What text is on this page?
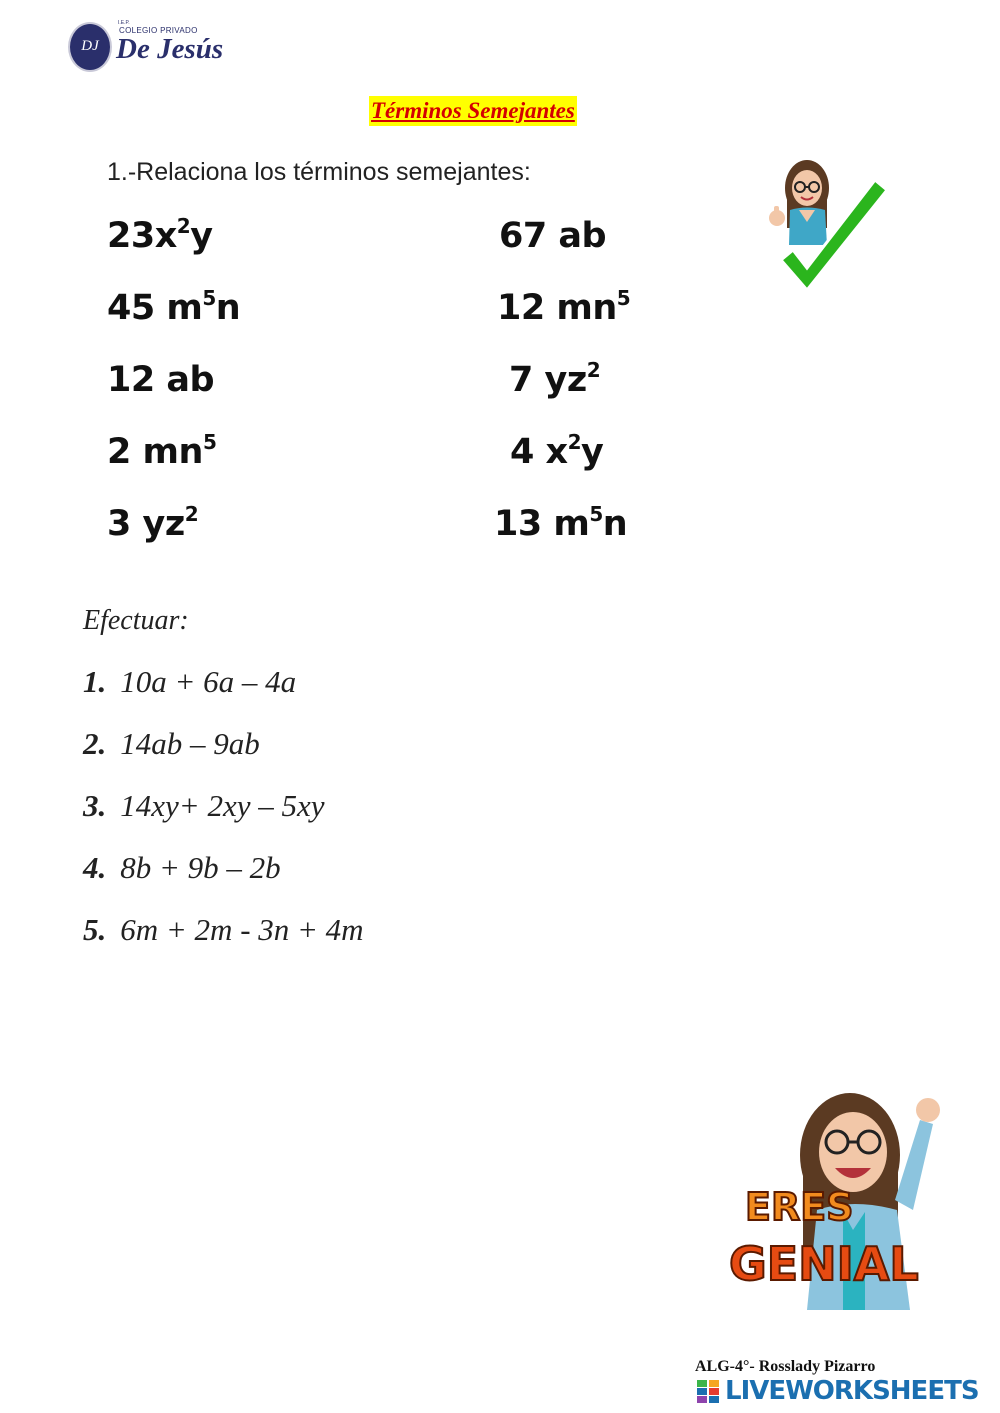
DJ
I.E.P.
COLEGIO PRIVADO
De Jesús
Términos Semejantes
1.-Relaciona los términos semejantes:
$23x^2y$
45 $m^5n$
12 ab
2 $mn^5$
3 $yz^2$
67 ab
12 $mn^5$
7 $yz^2$
4 $x^2y$
13 $m^5n$
Efectuar:
1. 10a + 6a – 4a
2. 14ab – 9ab
3. 14xy+ 2xy – 5xy
4. 8b + 9b – 2b
5. 6m + 2m - 3n + 4m
ERES
GENIAL
ALG-4°- Rosslady Pizarro
LIVEWORKSHEETS
